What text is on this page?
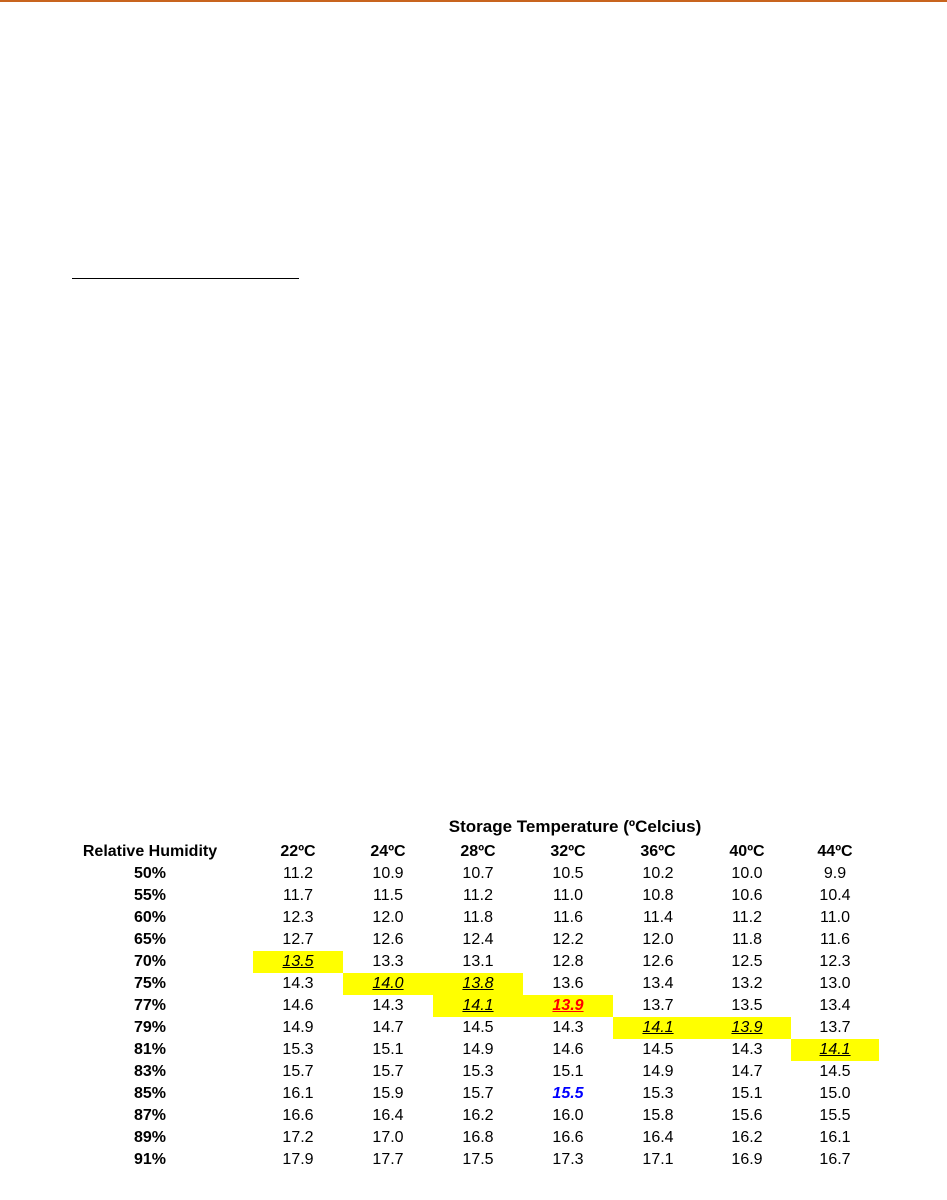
Storage Temperature (ºCelcius)
Relative Humidity	22ºC	24ºC	28ºC	32ºC	36ºC	40ºC	44ºC
50%	11.2	10.9	10.7	10.5	10.2	10.0	9.9
55%	11.7	11.5	11.2	11.0	10.8	10.6	10.4
60%	12.3	12.0	11.8	11.6	11.4	11.2	11.0
65%	12.7	12.6	12.4	12.2	12.0	11.8	11.6
70%	13.5	13.3	13.1	12.8	12.6	12.5	12.3
75%	14.3	14.0	13.8	13.6	13.4	13.2	13.0
77%	14.6	14.3	14.1	13.9	13.7	13.5	13.4
79%	14.9	14.7	14.5	14.3	14.1	13.9	13.7
81%	15.3	15.1	14.9	14.6	14.5	14.3	14.1
83%	15.7	15.7	15.3	15.1	14.9	14.7	14.5
85%	16.1	15.9	15.7	15.5	15.3	15.1	15.0
87%	16.6	16.4	16.2	16.0	15.8	15.6	15.5
89%	17.2	17.0	16.8	16.6	16.4	16.2	16.1
91%	17.9	17.7	17.5	17.3	17.1	16.9	16.7
